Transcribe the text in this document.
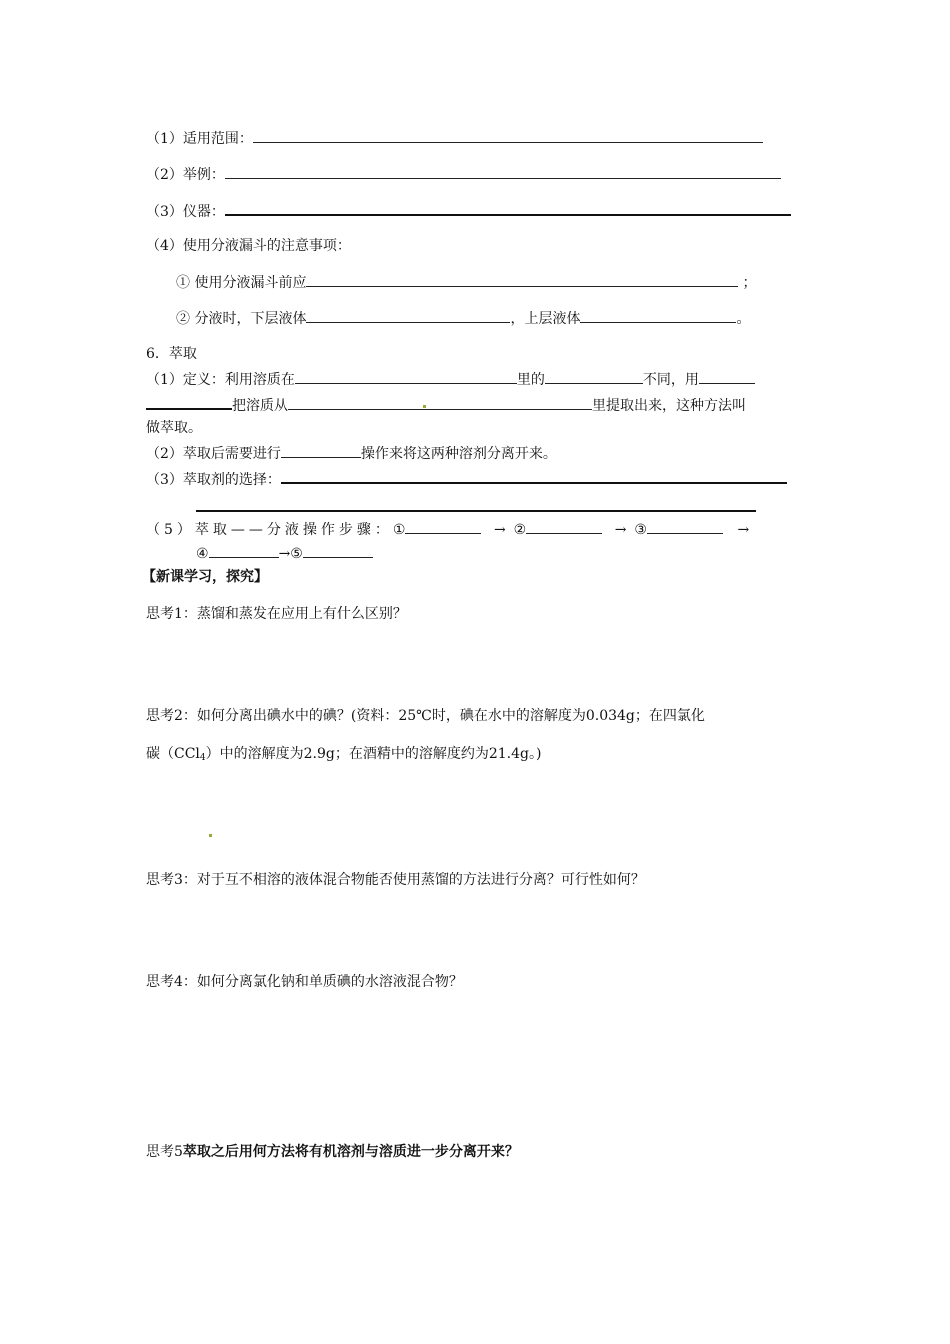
（1）适用范围：
（2）举例：
（3）仪器：
（4）使用分液漏斗的注意事项：
① 使用分液漏斗前应	；
② 分液时，下层液体	，上层液体	。
6．萃取
（1）定义：利用溶质在	里的	不同，用
把溶质从	里提取出来，这种方法叫
做萃取。
（2）萃取后需要进行	操作来将这两种溶剂分离开来。
（3）萃取剂的选择：
（5）萃取——分液操作步骤：①	→ ②	→ ③	→
④	→⑤
【新课学习，探究】
思考1：蒸馏和蒸发在应用上有什么区别？
思考2：如何分离出碘水中的碘？(资料：25℃时，碘在水中的溶解度为0.034g；在四氯化
碳（CCl$_4$）中的溶解度为2.9g；在酒精中的溶解度约为21.4g。)
思考3：对于互不相溶的液体混合物能否使用蒸馏的方法进行分离？可行性如何？
思考4：如何分离氯化钠和单质碘的水溶液混合物？
思考5萃取之后用何方法将有机溶剂与溶质进一步分离开来？
